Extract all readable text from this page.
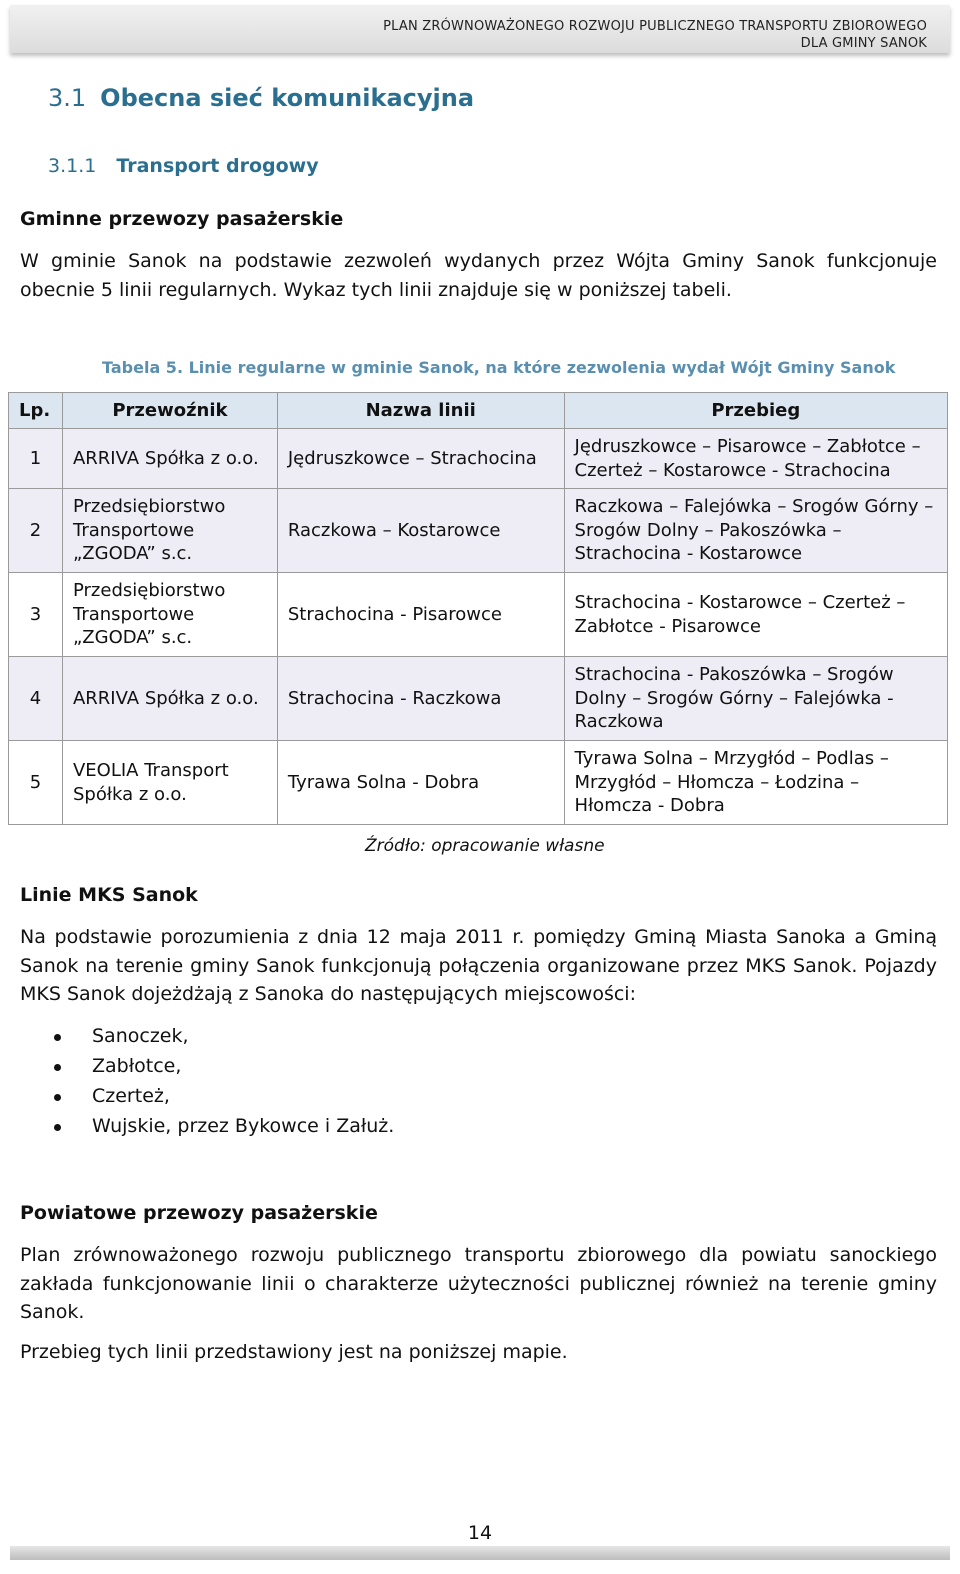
PLAN ZRÓWNOWAŻONEGO ROZWOJU PUBLICZNEGO TRANSPORTU ZBIOROWEGO
DLA GMINY SANOK
3.1 Obecna sieć komunikacyjna
3.1.1 Transport drogowy
Gminne przewozy pasażerskie
W gminie Sanok na podstawie zezwoleń wydanych przez Wójta Gminy Sanok funkcjonuje obecnie 5 linii regularnych. Wykaz tych linii znajduje się w poniższej tabeli.
Tabela 5. Linie regularne w gminie Sanok, na które zezwolenia wydał Wójt Gminy Sanok
Lp.	Przewoźnik	Nazwa linii	Przebieg
1	ARRIVA Spółka z o.o.	Jędruszkowce – Strachocina	Jędruszkowce – Pisarowce – Zabłotce – Czerteż – Kostarowce - Strachocina
2	Przedsiębiorstwo Transportowe „ZGODA” s.c.	Raczkowa – Kostarowce	Raczkowa – Falejówka – Srogów Górny – Srogów Dolny – Pakoszówka – Strachocina - Kostarowce
3	Przedsiębiorstwo Transportowe „ZGODA” s.c.	Strachocina - Pisarowce	Strachocina - Kostarowce – Czerteż – Zabłotce - Pisarowce
4	ARRIVA Spółka z o.o.	Strachocina - Raczkowa	Strachocina - Pakoszówka – Srogów Dolny – Srogów Górny – Falejówka - Raczkowa
5	VEOLIA Transport Spółka z o.o.	Tyrawa Solna - Dobra	Tyrawa Solna – Mrzygłód – Podlas – Mrzygłód – Hłomcza – Łodzina – Hłomcza - Dobra
Źródło: opracowanie własne
Linie MKS Sanok
Na podstawie porozumienia z dnia 12 maja 2011 r. pomiędzy Gminą Miasta Sanoka a Gminą Sanok na terenie gminy Sanok funkcjonują połączenia organizowane przez MKS Sanok. Pojazdy MKS Sanok dojeżdżają z Sanoka do następujących miejscowości:
Sanoczek,
Zabłotce,
Czerteż,
Wujskie, przez Bykowce i Załuż.
Powiatowe przewozy pasażerskie
Plan zrównoważonego rozwoju publicznego transportu zbiorowego dla powiatu sanockiego zakłada funkcjonowanie linii o charakterze użyteczności publicznej również na terenie gminy Sanok.
Przebieg tych linii przedstawiony jest na poniższej mapie.
14
